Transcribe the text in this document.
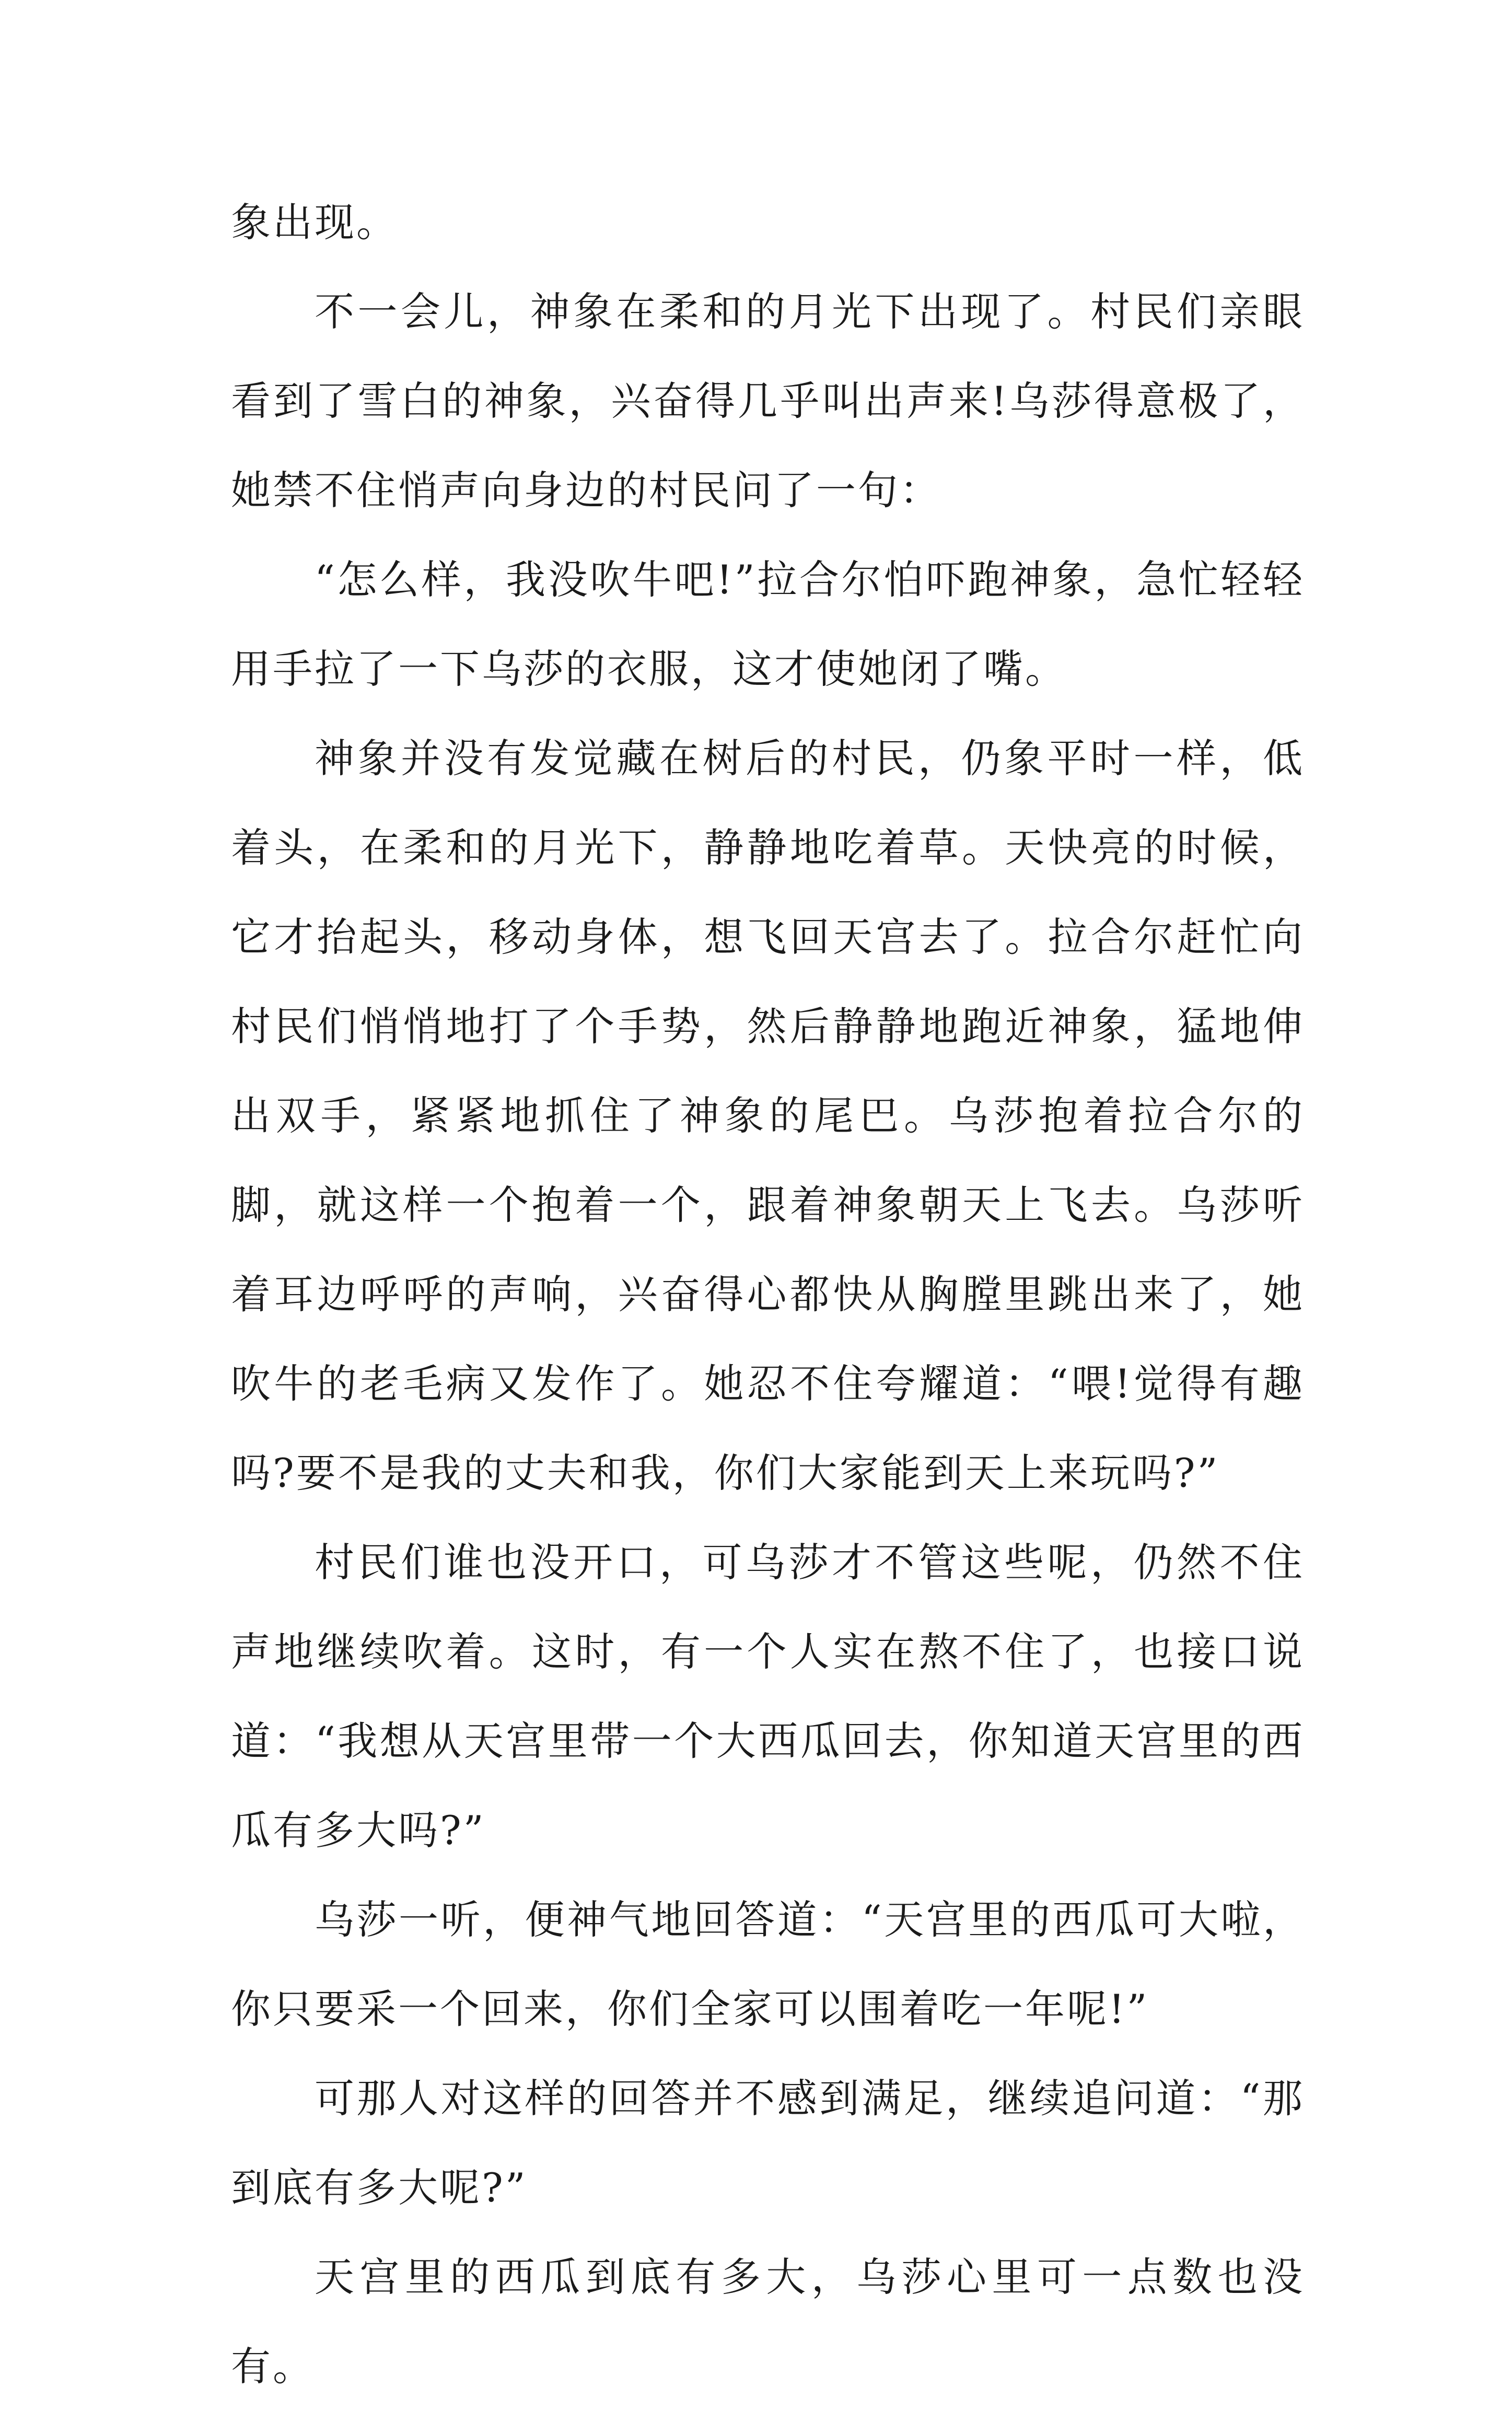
象出现。

不一会儿，神象在柔和的月光下出现了。村民们亲眼看到了雪白的神象，兴奋得几乎叫出声来!乌莎得意极了，她禁不住悄声向身边的村民问了一句：

“怎么样，我没吹牛吧!”拉合尔怕吓跑神象，急忙轻轻用手拉了一下乌莎的衣服，这才使她闭了嘴。

神象并没有发觉藏在树后的村民，仍象平时一样，低着头，在柔和的月光下，静静地吃着草。天快亮的时候，它才抬起头，移动身体，想飞回天宫去了。拉合尔赶忙向村民们悄悄地打了个手势，然后静静地跑近神象，猛地伸出双手，紧紧地抓住了神象的尾巴。乌莎抱着拉合尔的脚，就这样一个抱着一个，跟着神象朝天上飞去。乌莎听着耳边呼呼的声响，兴奋得心都快从胸膛里跳出来了，她吹牛的老毛病又发作了。她忍不住夸耀道：“喂!觉得有趣吗?要不是我的丈夫和我，你们大家能到天上来玩吗?”

村民们谁也没开口，可乌莎才不管这些呢，仍然不住声地继续吹着。这时，有一个人实在熬不住了，也接口说道：“我想从天宫里带一个大西瓜回去，你知道天宫里的西瓜有多大吗?”

乌莎一听，便神气地回答道：“天宫里的西瓜可大啦，你只要采一个回来，你们全家可以围着吃一年呢!”

可那人对这样的回答并不感到满足，继续追问道：“那到底有多大呢?”

天宫里的西瓜到底有多大，乌莎心里可一点数也没有。
